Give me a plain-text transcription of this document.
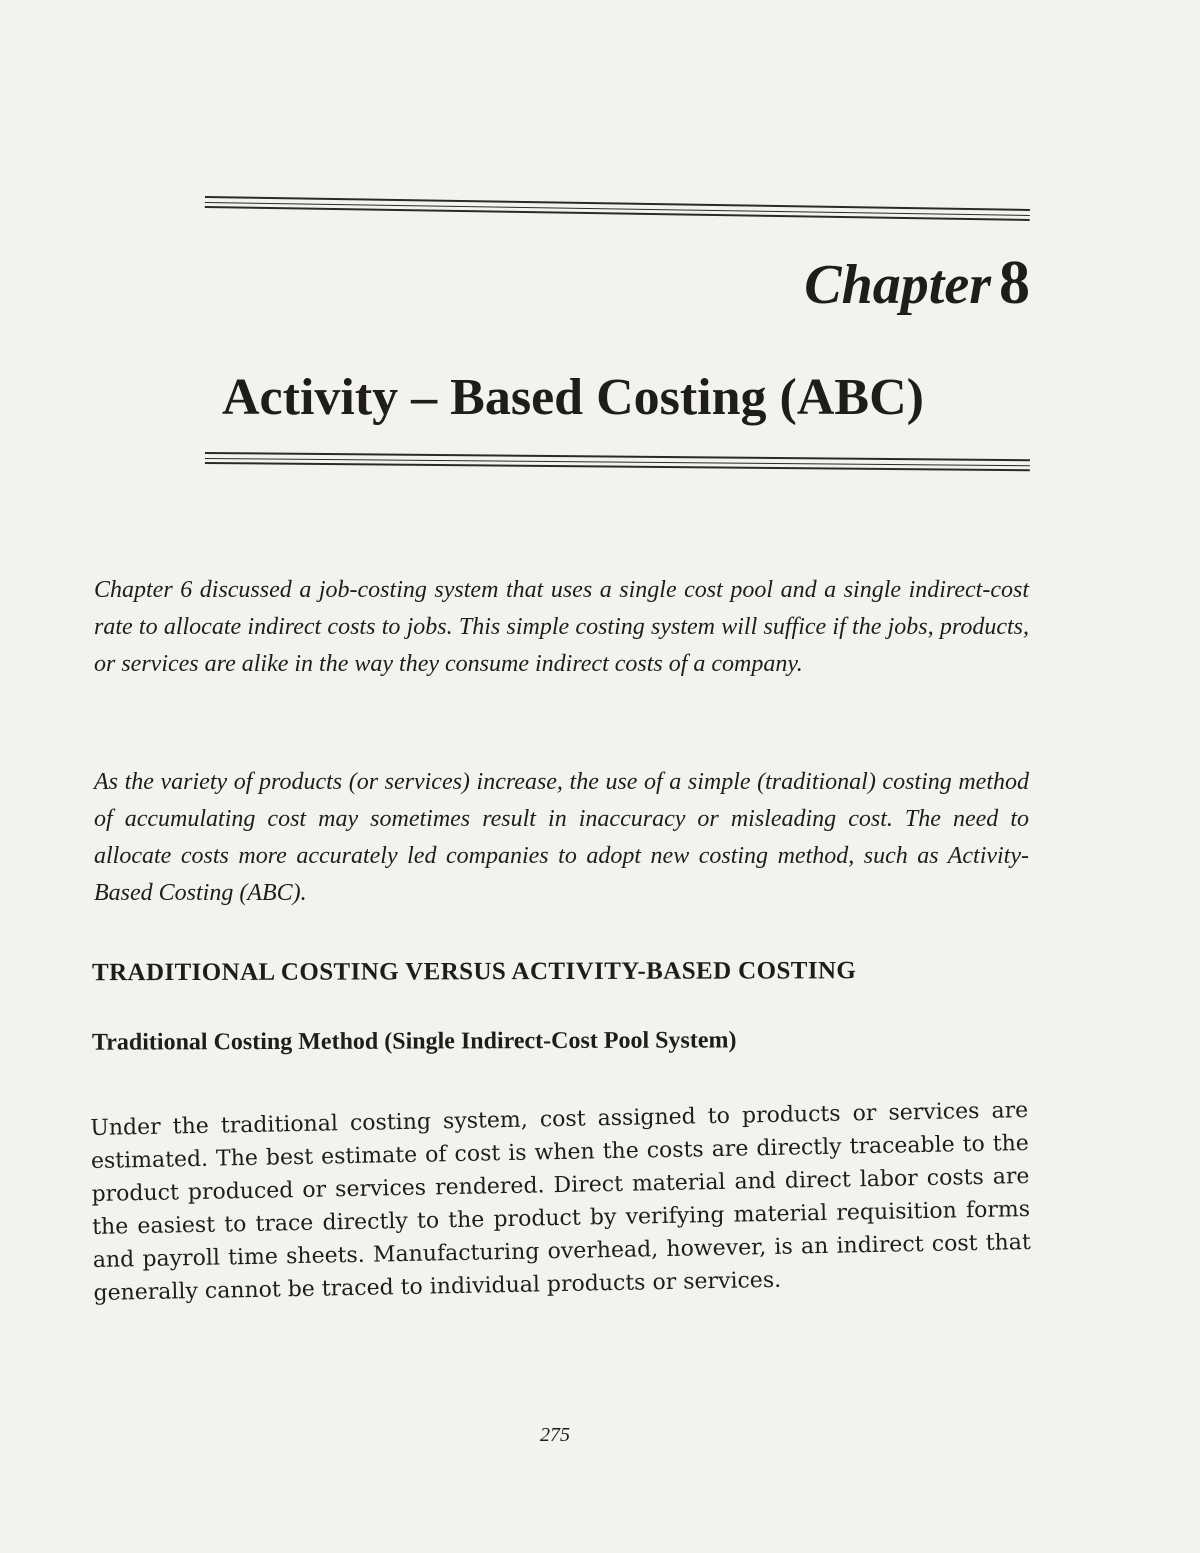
Chapter 8
Activity – Based Costing (ABC)

Chapter 6 discussed a job-costing system that uses a single cost pool and a single indirect-cost rate to allocate indirect costs to jobs. This simple costing system will suffice if the jobs, products, or services are alike in the way they consume indirect costs of a company.

As the variety of products (or services) increase, the use of a simple (traditional) costing method of accumulating cost may sometimes result in inaccuracy or misleading cost. The need to allocate costs more accurately led companies to adopt new costing method, such as Activity- Based Costing (ABC).

TRADITIONAL COSTING VERSUS ACTIVITY-BASED COSTING
Traditional Costing Method (Single Indirect-Cost Pool System)

Under the traditional costing system, cost assigned to products or services are estimated. The best estimate of cost is when the costs are directly traceable to the product produced or services rendered. Direct material and direct labor costs are the easiest to trace directly to the product by verifying material requisition forms and payroll time sheets. Manufacturing overhead, however, is an indirect cost that generally cannot be traced to individual products or services.

275
